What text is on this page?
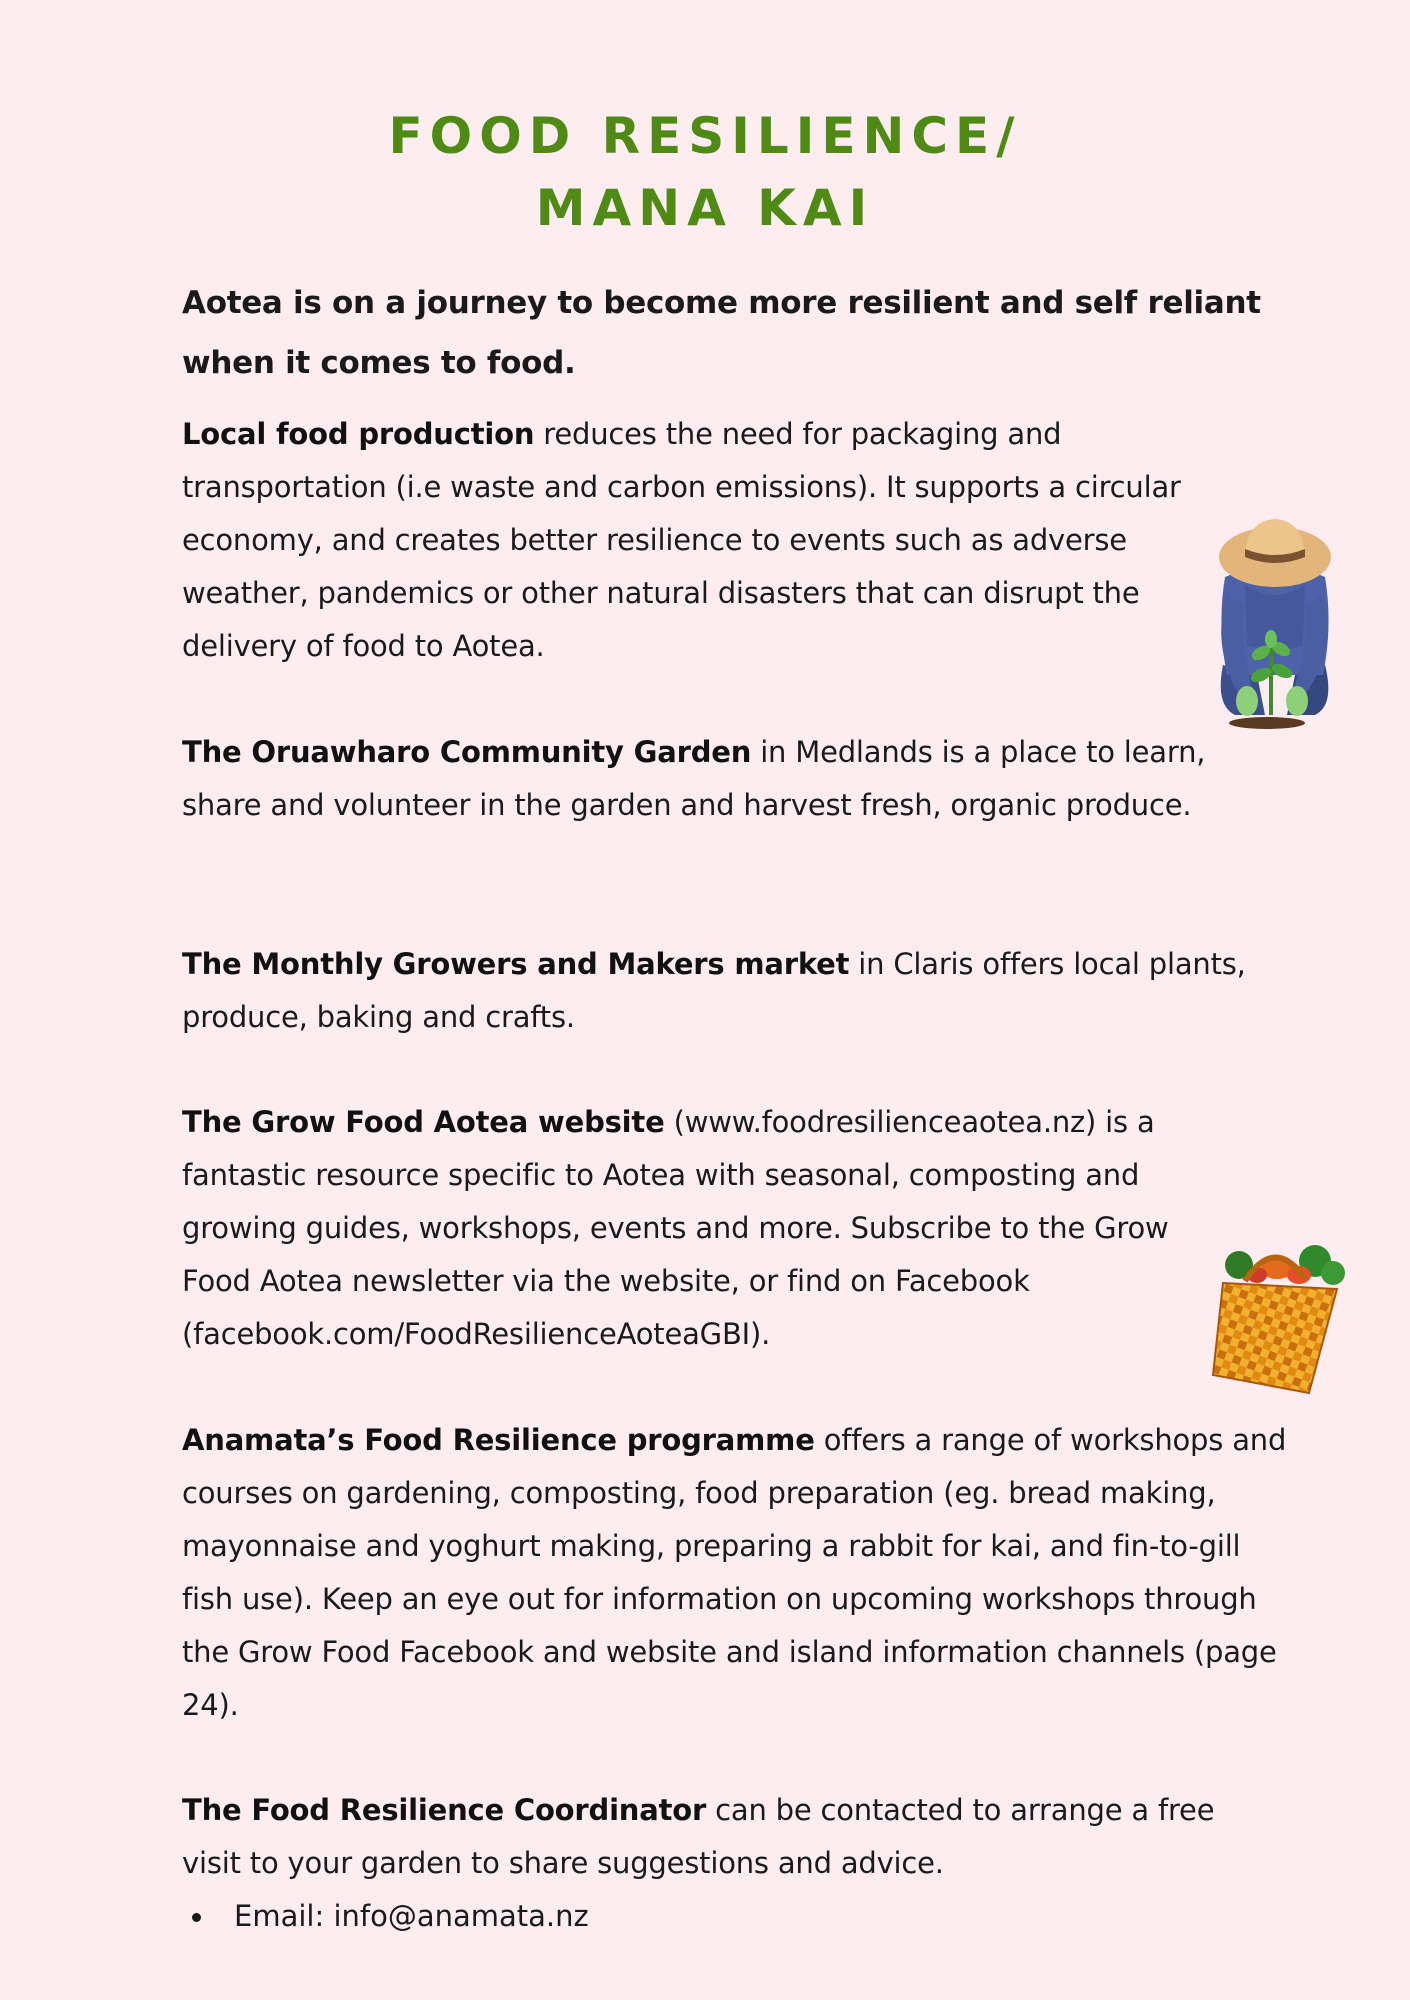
FOOD RESILIENCE/
MANA KAI
Aotea is on a journey to become more resilient and self reliant when it comes to food.

Local food production reduces the need for packaging and transportation (i.e waste and carbon emissions). It supports a circular economy, and creates better resilience to events such as adverse weather, pandemics or other natural disasters that can disrupt the delivery of food to Aotea.

The Oruawharo Community Garden in Medlands is a place to learn, share and volunteer in the garden and harvest fresh, organic produce.

The Monthly Growers and Makers market in Claris offers local plants, produce, baking and crafts.

The Grow Food Aotea website (www.foodresilienceaotea.nz) is a fantastic resource specific to Aotea with seasonal, composting and growing guides, workshops, events and more. Subscribe to the Grow Food Aotea newsletter via the website, or find on Facebook (facebook.com/FoodResilienceAoteaGBI).

Anamata’s Food Resilience programme offers a range of workshops and courses on gardening, composting, food preparation (eg. bread making, mayonnaise and yoghurt making, preparing a rabbit for kai, and fin-to-gill fish use). Keep an eye out for information on upcoming workshops through the Grow Food Facebook and website and island information channels (page 24).

The Food Resilience Coordinator can be contacted to arrange a free visit to your garden to share suggestions and advice.

Email: info@anamata.nz
